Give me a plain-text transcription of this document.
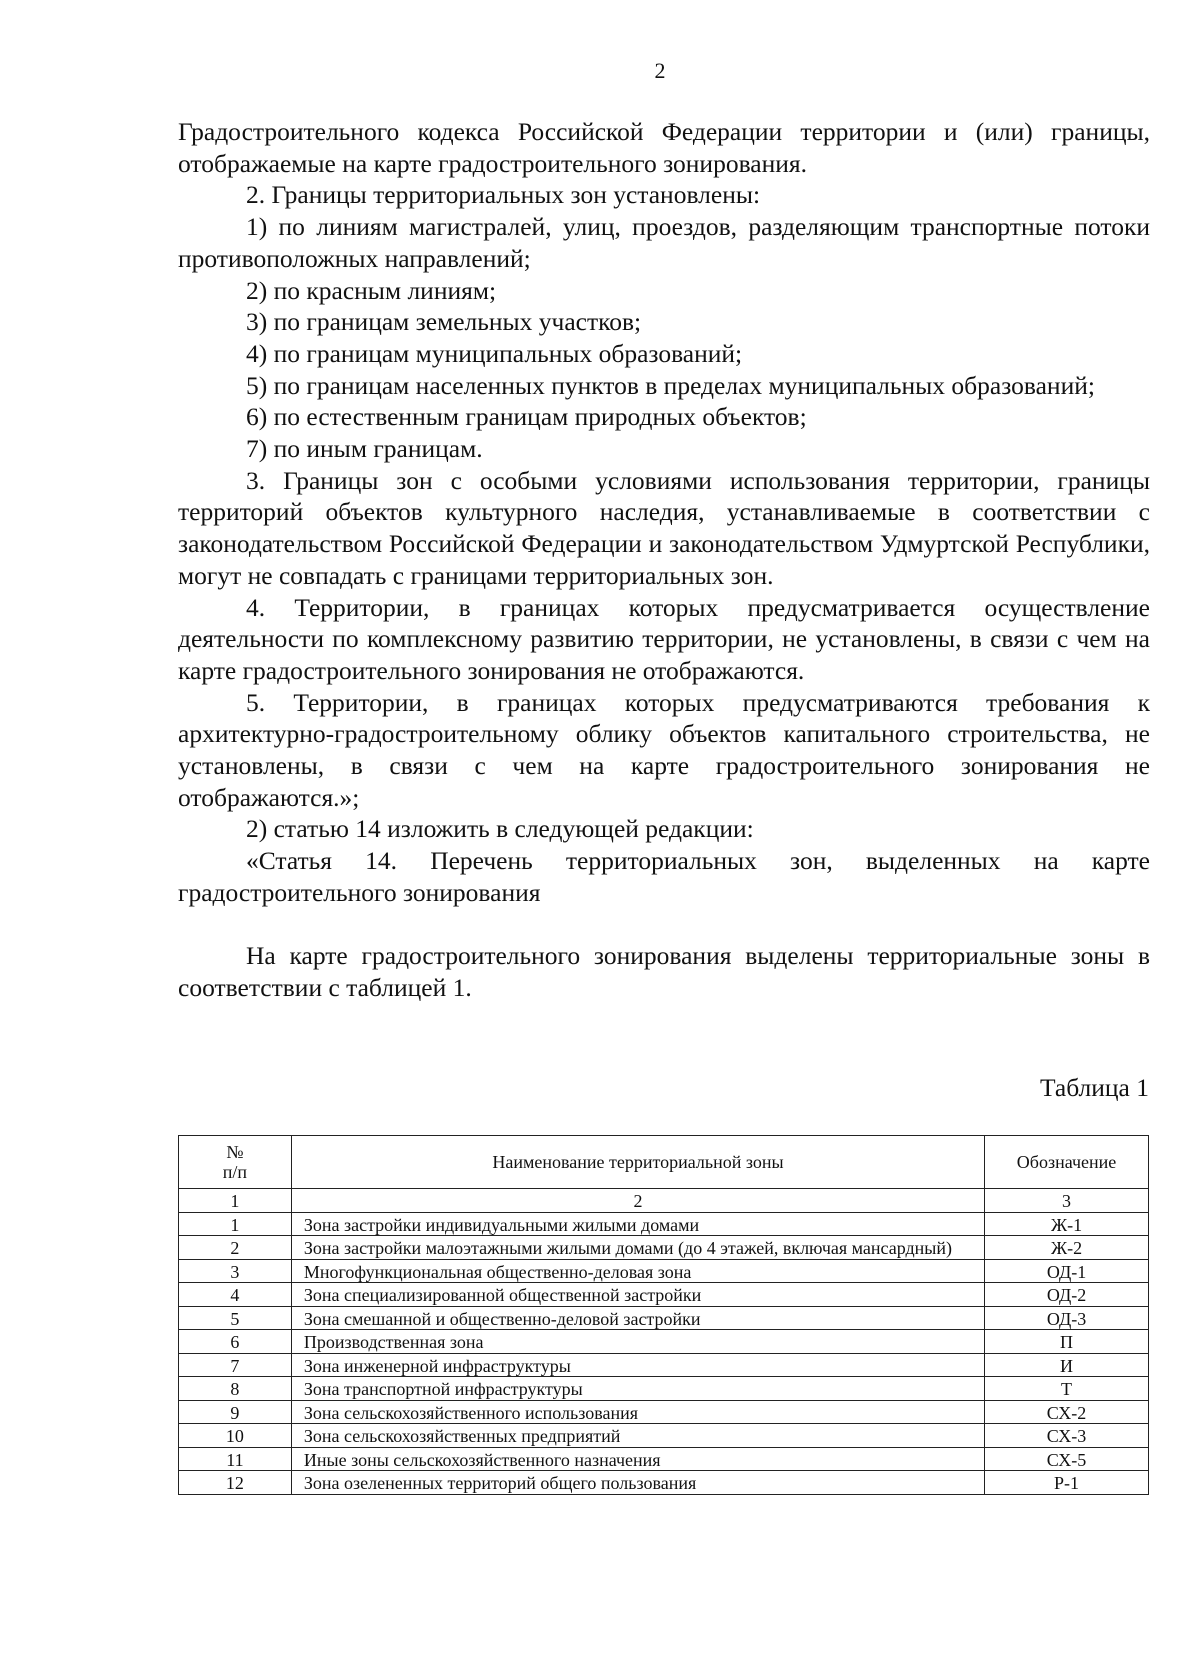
2

Градостроительного кодекса Российской Федерации территории и (или) границы, отображаемые на карте градостроительного зонирования.

2. Границы территориальных зон установлены:

1) по линиям магистралей, улиц, проездов, разделяющим транспортные потоки противоположных направлений;

2) по красным линиям;

3) по границам земельных участков;

4) по границам муниципальных образований;

5) по границам населенных пунктов в пределах муниципальных образований;

6) по естественным границам природных объектов;

7) по иным границам.

3. Границы зон с особыми условиями использования территории, границы территорий объектов культурного наследия, устанавливаемые в соответствии с законодательством Российской Федерации и законодательством Удмуртской Республики, могут не совпадать с границами территориальных зон.

4. Территории, в границах которых предусматривается осуществление деятельности по комплексному развитию территории, не установлены, в связи с чем на карте градостроительного зонирования не отображаются.

5. Территории, в границах которых предусматриваются требования к архитектурно-градостроительному облику объектов капитального строительства, не установлены, в связи с чем на карте градостроительного зонирования не отображаются.»;

2) статью 14 изложить в следующей редакции:

«Статья 14. Перечень территориальных зон, выделенных на карте градостроительного зонирования

На карте градостроительного зонирования выделены территориальные зоны в соответствии с таблицей 1.

Таблица 1
№
п/п	Наименование территориальной зоны	Обозначение
1	2	3
1	Зона застройки индивидуальными жилыми домами	Ж-1
2	Зона застройки малоэтажными жилыми домами (до 4 этажей, включая мансардный)	Ж-2
3	Многофункциональная общественно-деловая зона	ОД-1
4	Зона специализированной общественной застройки	ОД-2
5	Зона смешанной и общественно-деловой застройки	ОД-3
6	Производственная зона	П
7	Зона инженерной инфраструктуры	И
8	Зона транспортной инфраструктуры	Т
9	Зона сельскохозяйственного использования	СХ-2
10	Зона сельскохозяйственных предприятий	СХ-3
11	Иные зоны сельскохозяйственного назначения	СХ-5
12	Зона озелененных территорий общего пользования	Р-1
